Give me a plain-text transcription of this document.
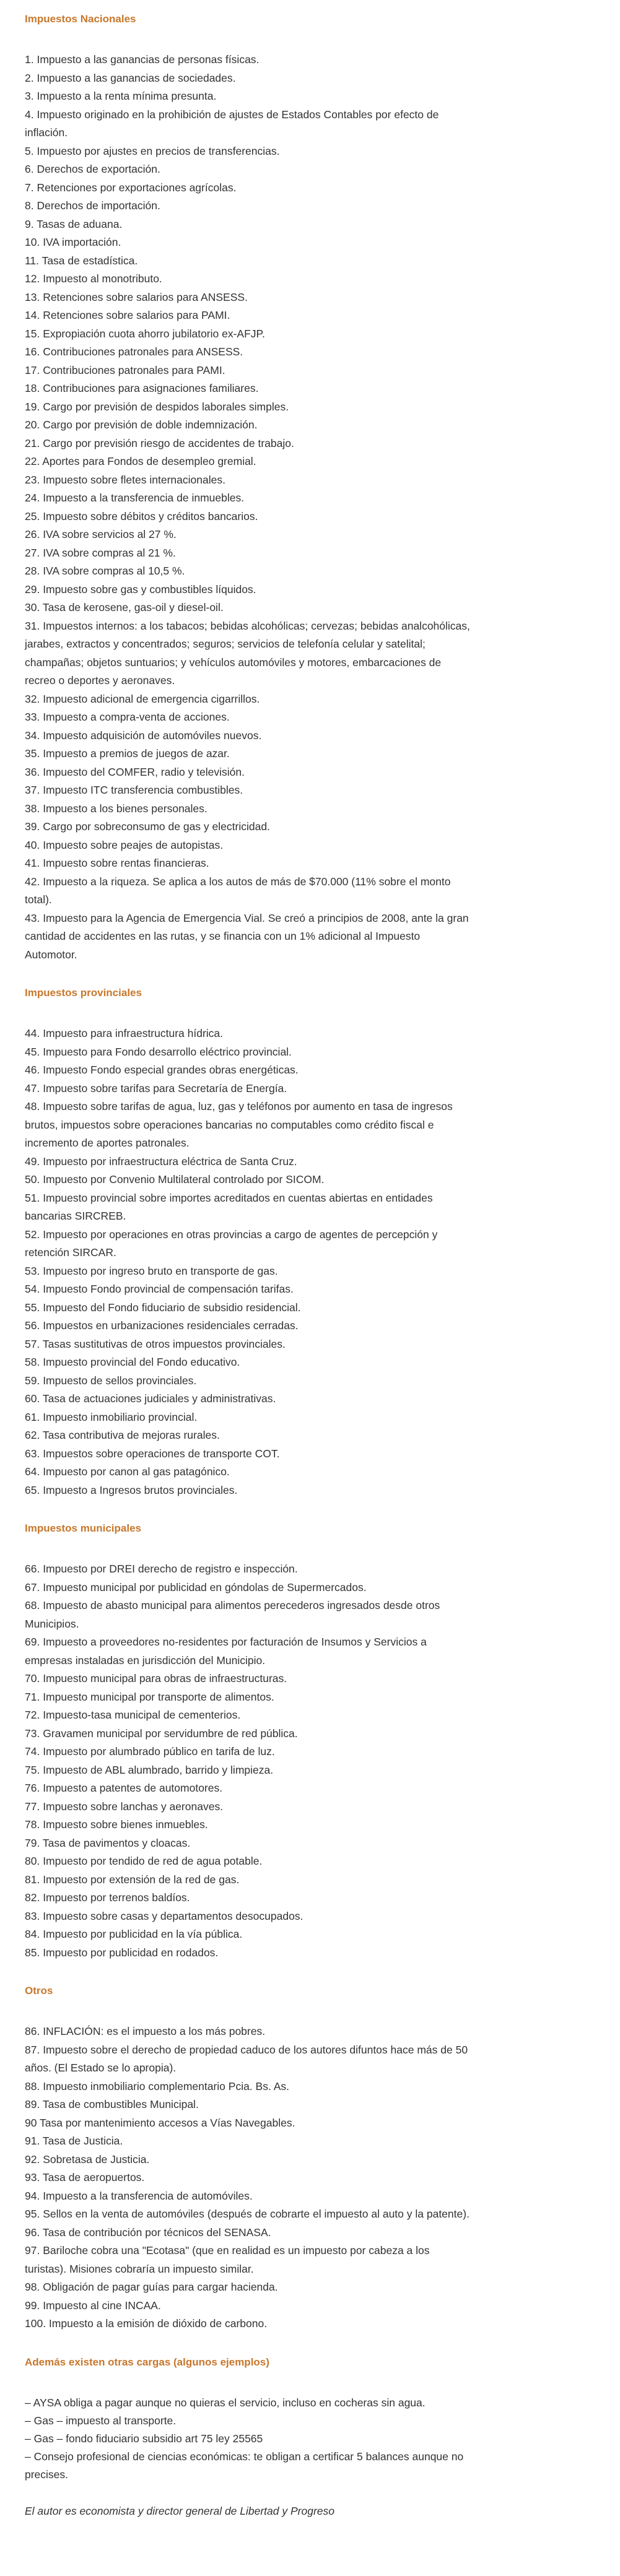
Impuestos Nacionales
1. Impuesto a las ganancias de personas físicas.
2. Impuesto a las ganancias de sociedades.
3. Impuesto a la renta mínima presunta.
4. Impuesto originado en la prohibición de ajustes de Estados Contables por efecto de inflación.
5. Impuesto por ajustes en precios de transferencias.
6. Derechos de exportación.
7. Retenciones por exportaciones agrícolas.
8. Derechos de importación.
9. Tasas de aduana.
10. IVA importación.
11. Tasa de estadística.
12. Impuesto al monotributo.
13. Retenciones sobre salarios para ANSESS.
14. Retenciones sobre salarios para PAMI.
15. Expropiación cuota ahorro jubilatorio ex-AFJP.
16. Contribuciones patronales para ANSESS.
17. Contribuciones patronales para PAMI.
18. Contribuciones para asignaciones familiares.
19. Cargo por previsión de despidos laborales simples.
20. Cargo por previsión de doble indemnización.
21. Cargo por previsión riesgo de accidentes de trabajo.
22. Aportes para Fondos de desempleo gremial.
23. Impuesto sobre fletes internacionales.
24. Impuesto a la transferencia de inmuebles.
25. Impuesto sobre débitos y créditos bancarios.
26. IVA sobre servicios al 27 %.
27. IVA sobre compras al 21 %.
28. IVA sobre compras al 10,5 %.
29. Impuesto sobre gas y combustibles líquidos.
30. Tasa de kerosene, gas-oil y diesel-oil.
31. Impuestos internos: a los tabacos; bebidas alcohólicas; cervezas; bebidas analcohólicas, jarabes, extractos y concentrados; seguros; servicios de telefonía celular y satelital; champañas; objetos suntuarios; y vehículos automóviles y motores, embarcaciones de recreo o deportes y aeronaves.
32. Impuesto adicional de emergencia cigarrillos.
33. Impuesto a compra-venta de acciones.
34. Impuesto adquisición de automóviles nuevos.
35. Impuesto a premios de juegos de azar.
36. Impuesto del COMFER, radio y televisión.
37. Impuesto ITC transferencia combustibles.
38. Impuesto a los bienes personales.
39. Cargo por sobreconsumo de gas y electricidad.
40. Impuesto sobre peajes de autopistas.
41. Impuesto sobre rentas financieras.
42. Impuesto a la riqueza. Se aplica a los autos de más de $70.000 (11% sobre el monto total).
43. Impuesto para la Agencia de Emergencia Vial. Se creó a principios de 2008, ante la gran cantidad de accidentes en las rutas, y se financia con un 1% adicional al Impuesto Automotor.
Impuestos provinciales
44. Impuesto para infraestructura hídrica.
45. Impuesto para Fondo desarrollo eléctrico provincial.
46. Impuesto Fondo especial grandes obras energéticas.
47. Impuesto sobre tarifas para Secretaría de Energía.
48. Impuesto sobre tarifas de agua, luz, gas y teléfonos por aumento en tasa de ingresos brutos, impuestos sobre operaciones bancarias no computables como crédito fiscal e incremento de aportes patronales.
49. Impuesto por infraestructura eléctrica de Santa Cruz.
50. Impuesto por Convenio Multilateral controlado por SICOM.
51. Impuesto provincial sobre importes acreditados en cuentas abiertas en entidades bancarias SIRCREB.
52. Impuesto por operaciones en otras provincias a cargo de agentes de percepción y retención SIRCAR.
53. Impuesto por ingreso bruto en transporte de gas.
54. Impuesto Fondo provincial de compensación tarifas.
55. Impuesto del Fondo fiduciario de subsidio residencial.
56. Impuestos en urbanizaciones residenciales cerradas.
57. Tasas sustitutivas de otros impuestos provinciales.
58. Impuesto provincial del Fondo educativo.
59. Impuesto de sellos provinciales.
60. Tasa de actuaciones judiciales y administrativas.
61. Impuesto inmobiliario provincial.
62. Tasa contributiva de mejoras rurales.
63. Impuestos sobre operaciones de transporte COT.
64. Impuesto por canon al gas patagónico.
65. Impuesto a Ingresos brutos provinciales.
Impuestos municipales
66. Impuesto por DREI derecho de registro e inspección.
67. Impuesto municipal por publicidad en góndolas de Supermercados.
68. Impuesto de abasto municipal para alimentos perecederos ingresados desde otros Municipios.
69. Impuesto a proveedores no-residentes por facturación de Insumos y Servicios a empresas instaladas en jurisdicción del Municipio.
70. Impuesto municipal para obras de infraestructuras.
71. Impuesto municipal por transporte de alimentos.
72. Impuesto-tasa municipal de cementerios.
73. Gravamen municipal por servidumbre de red pública.
74. Impuesto por alumbrado público en tarifa de luz.
75. Impuesto de ABL alumbrado, barrido y limpieza.
76. Impuesto a patentes de automotores.
77. Impuesto sobre lanchas y aeronaves.
78. Impuesto sobre bienes inmuebles.
79. Tasa de pavimentos y cloacas.
80. Impuesto por tendido de red de agua potable.
81. Impuesto por extensión de la red de gas.
82. Impuesto por terrenos baldíos.
83. Impuesto sobre casas y departamentos desocupados.
84. Impuesto por publicidad en la vía pública.
85. Impuesto por publicidad en rodados.
Otros
86. INFLACIÓN: es el impuesto a los más pobres.
87. Impuesto sobre el derecho de propiedad caduco de los autores difuntos hace más de 50 años. (El Estado se lo apropia).
88. Impuesto inmobiliario complementario Pcia. Bs. As.
89. Tasa de combustibles Municipal.
90 Tasa por mantenimiento accesos a Vías Navegables.
91. Tasa de Justicia.
92. Sobretasa de Justicia.
93. Tasa de aeropuertos.
94. Impuesto a la transferencia de automóviles.
95. Sellos en la venta de automóviles (después de cobrarte el impuesto al auto y la patente).
96. Tasa de contribución por técnicos del SENASA.
97. Bariloche cobra una "Ecotasa" (que en realidad es un impuesto por cabeza a los turistas). Misiones cobraría un impuesto similar.
98. Obligación de pagar guías para cargar hacienda.
99. Impuesto al cine INCAA.
100. Impuesto a la emisión de dióxido de carbono.
Además existen otras cargas (algunos ejemplos)
– AYSA obliga a pagar aunque no quieras el servicio, incluso en cocheras sin agua.
– Gas – impuesto al transporte.
– Gas – fondo fiduciario subsidio art 75 ley 25565
– Consejo profesional de ciencias económicas: te obligan a certificar 5 balances aunque no precises.

El autor es economista y director general de Libertad y Progreso
